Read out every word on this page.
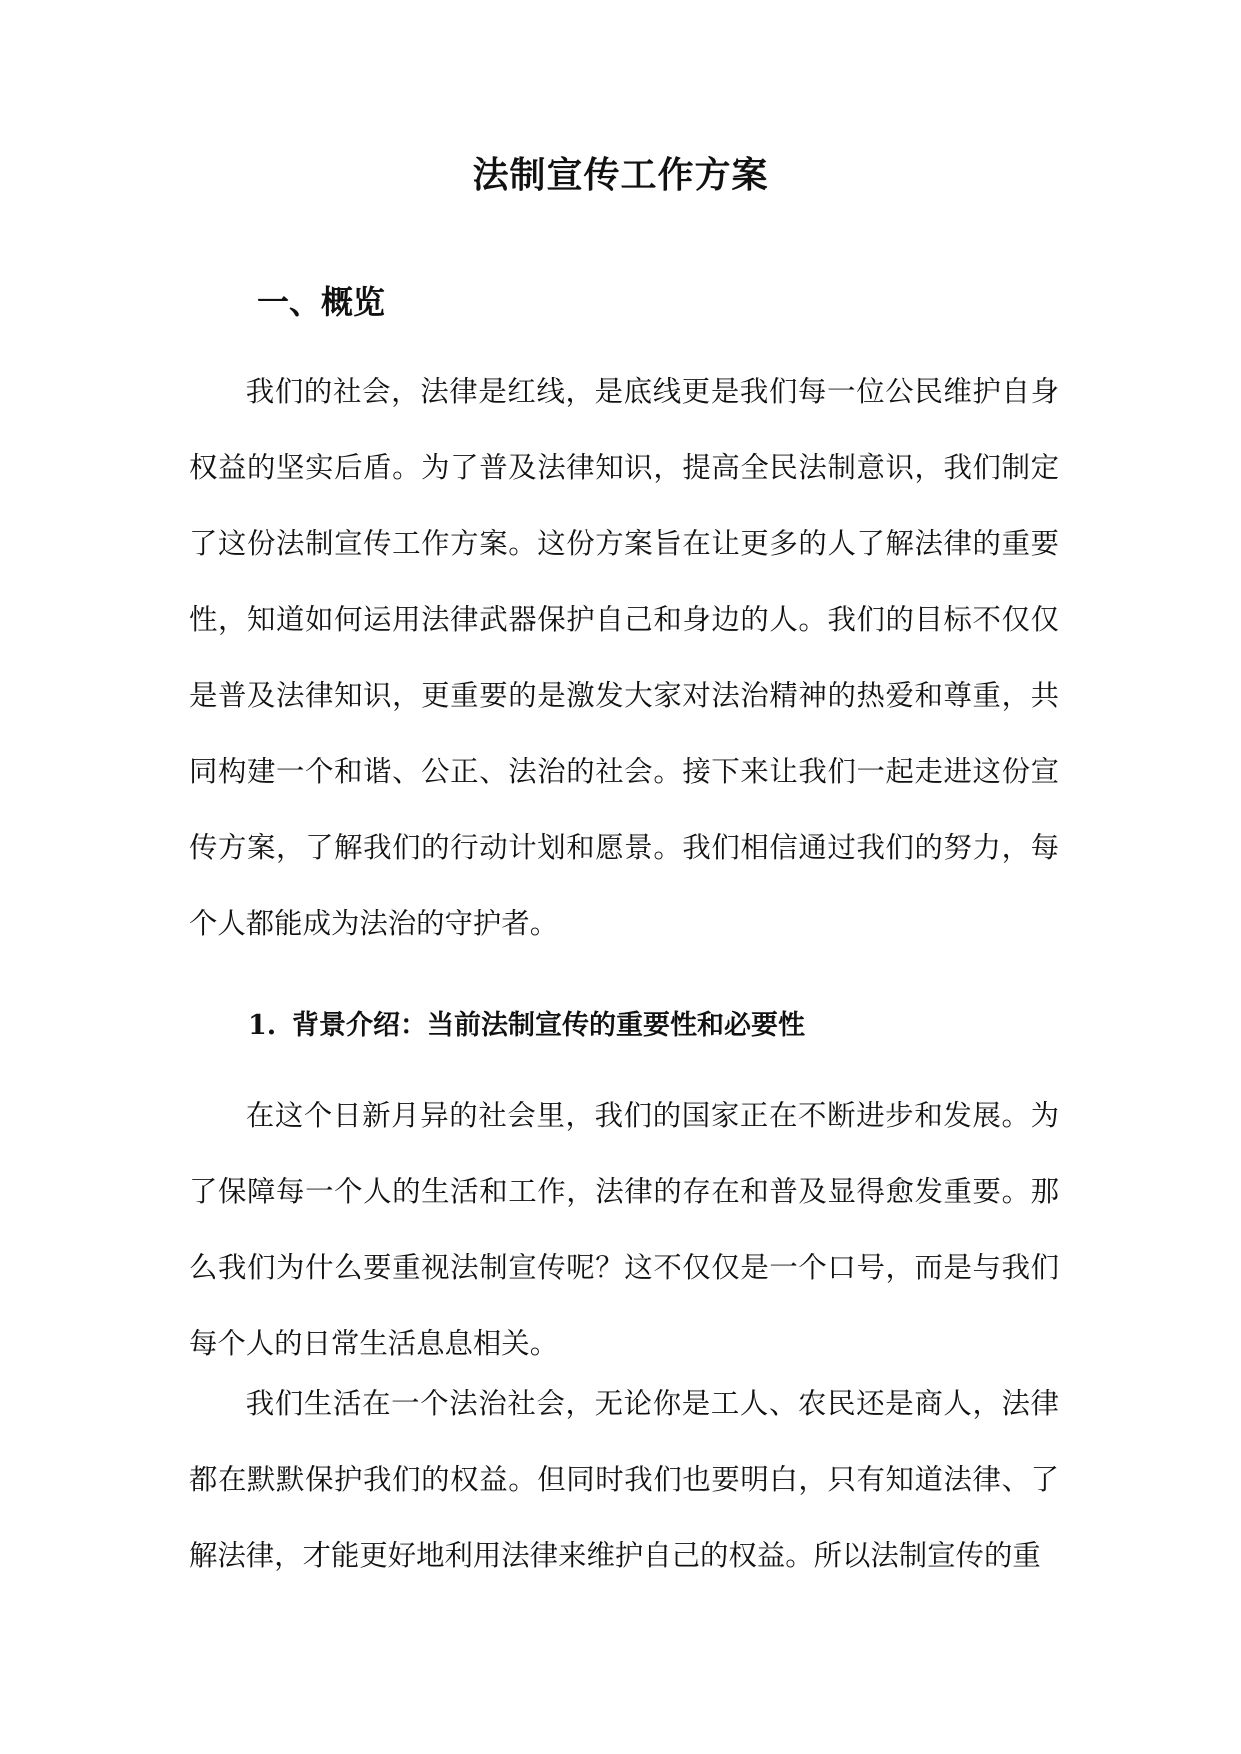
法制宣传工作方案
一、概览

我们的社会，法律是红线，是底线更是我们每一位公民维护自身权益的坚实后盾。为了普及法律知识，提高全民法制意识，我们制定了这份法制宣传工作方案。这份方案旨在让更多的人了解法律的重要性，知道如何运用法律武器保护自己和身边的人。我们的目标不仅仅是普及法律知识，更重要的是激发大家对法治精神的热爱和尊重，共同构建一个和谐、公正、法治的社会。接下来让我们一起走进这份宣传方案，了解我们的行动计划和愿景。我们相信通过我们的努力，每个人都能成为法治的守护者。

1. 背景介绍：当前法制宣传的重要性和必要性

在这个日新月异的社会里，我们的国家正在不断进步和发展。为了保障每一个人的生活和工作，法律的存在和普及显得愈发重要。那么我们为什么要重视法制宣传呢？这不仅仅是一个口号，而是与我们每个人的日常生活息息相关。

我们生活在一个法治社会，无论你是工人、农民还是商人，法律都在默默保护我们的权益。但同时我们也要明白，只有知道法律、了解法律，才能更好地利用法律来维护自己的权益。所以法制宣传的重
